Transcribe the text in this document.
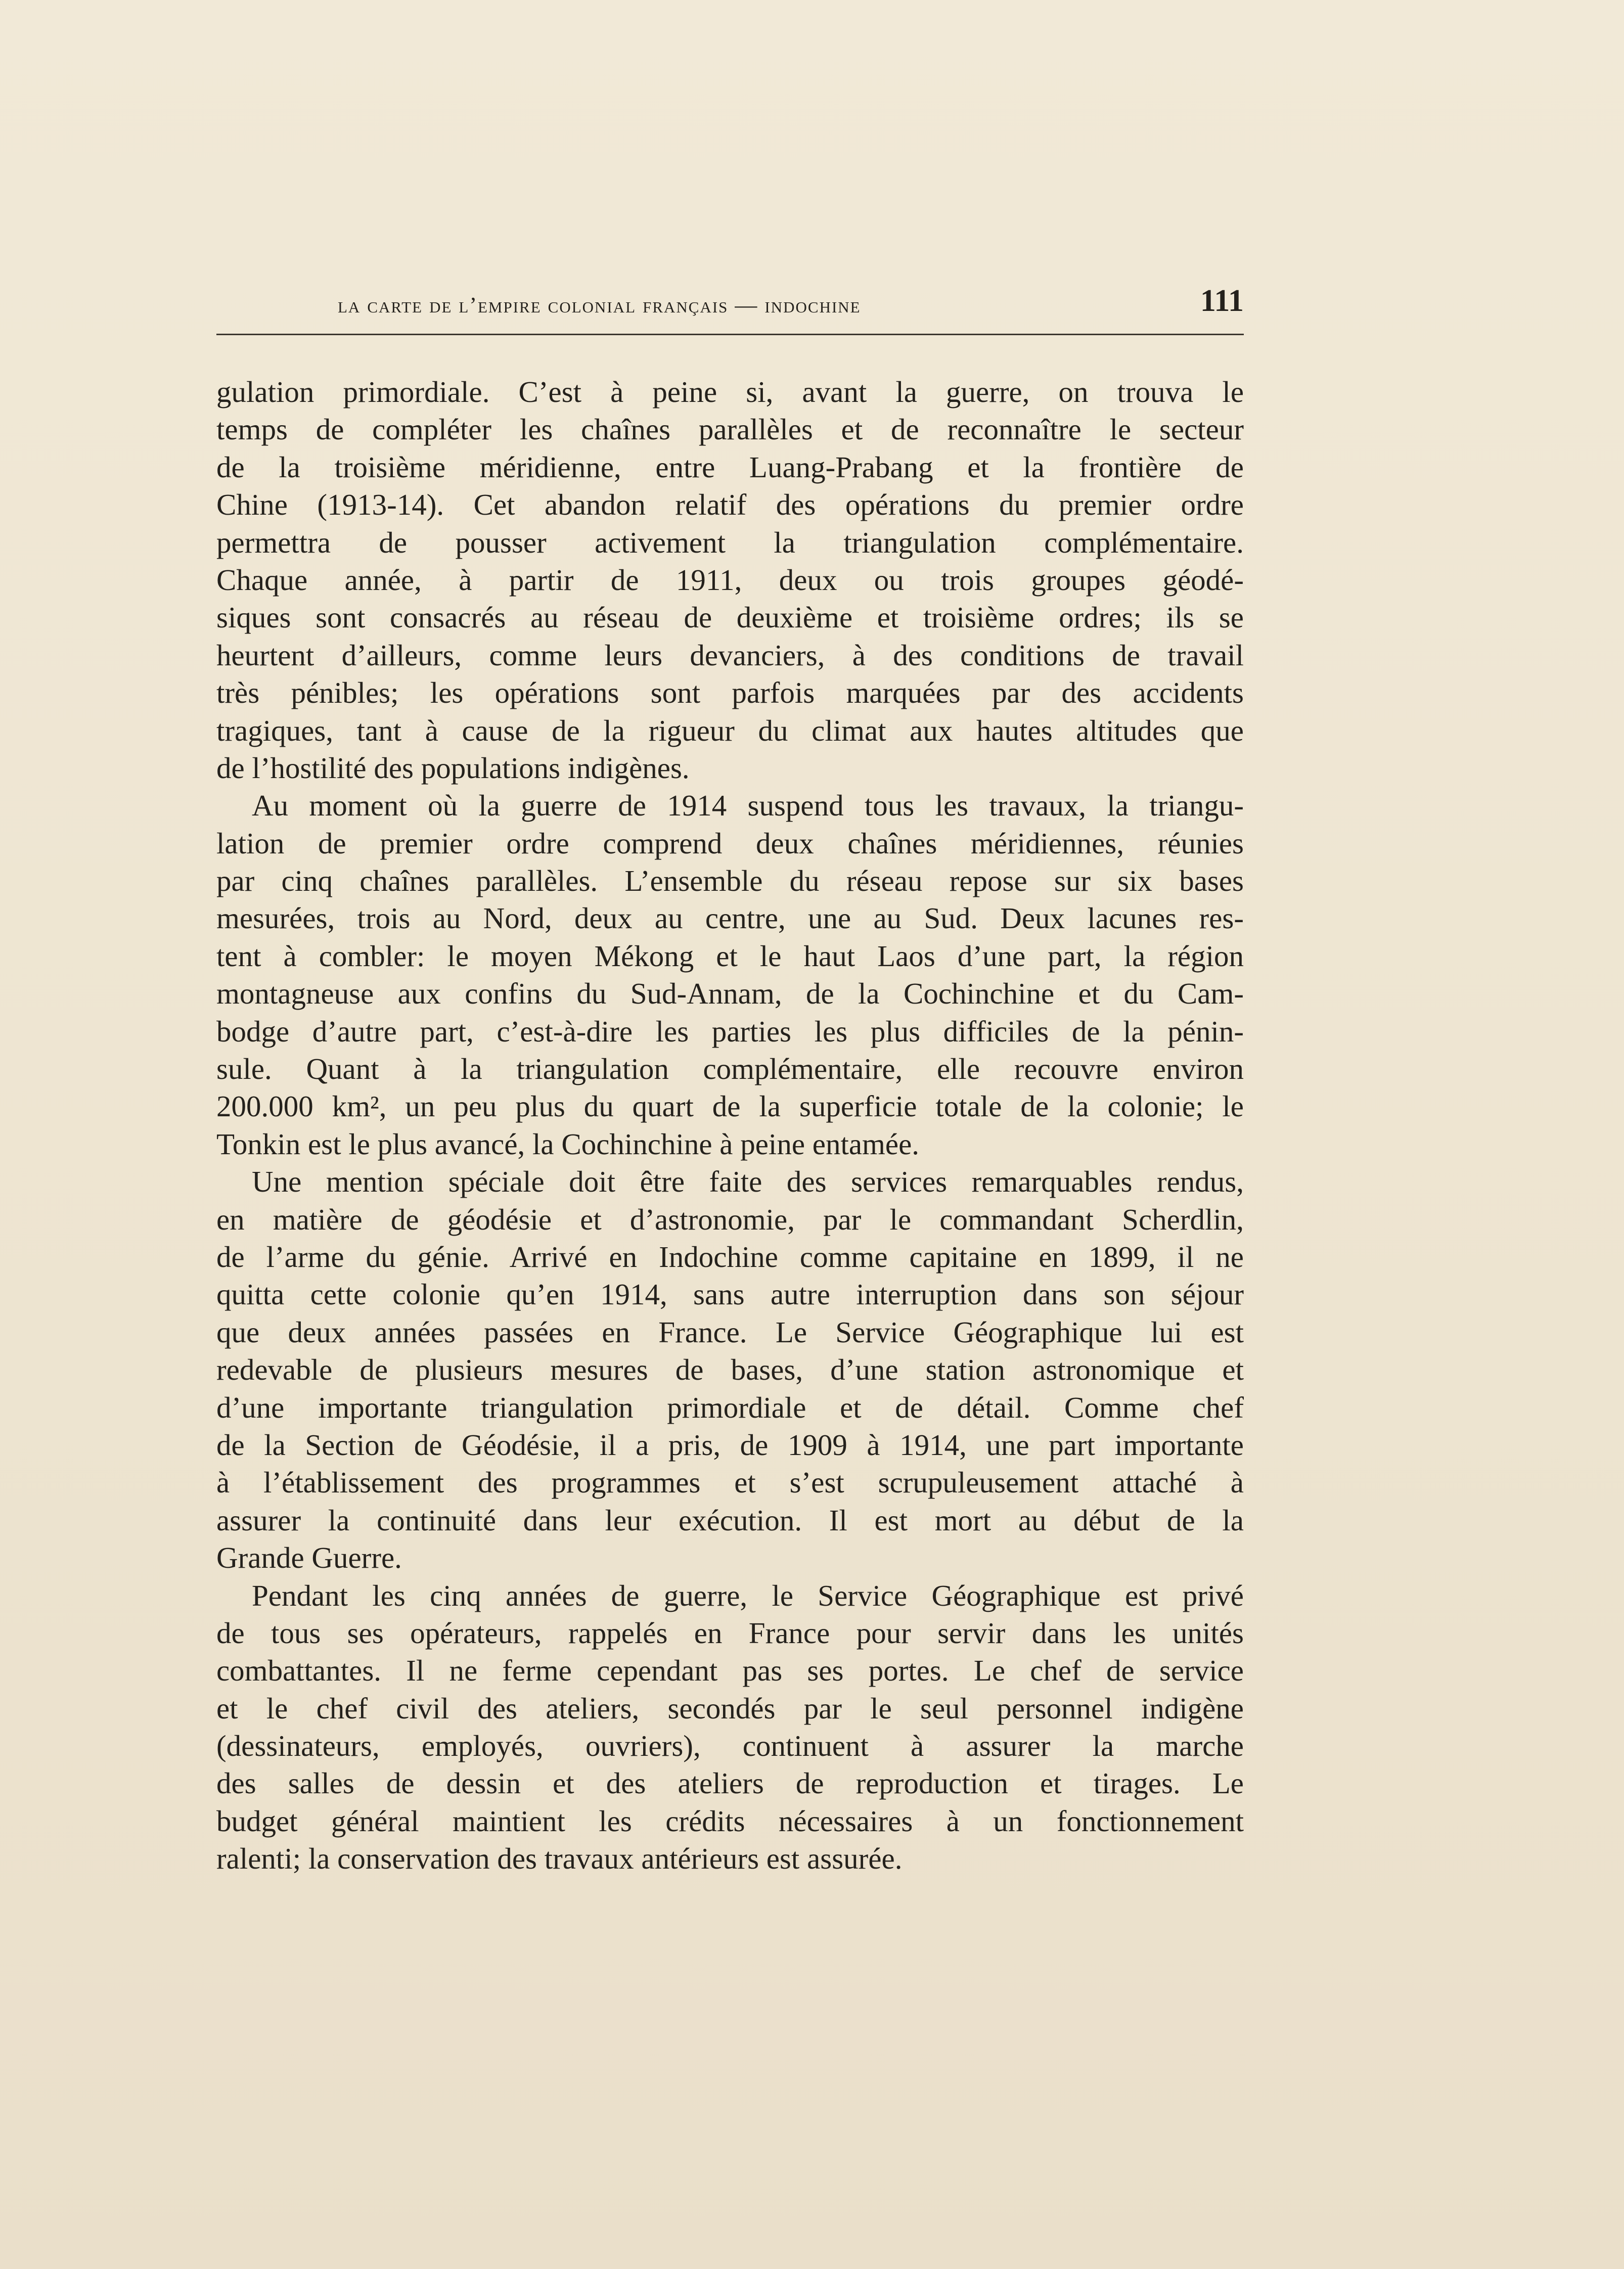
la carte de l’empire colonial français — indochine	111
gulation primordiale. C’est à peine si, avant la guerre, on trouva le
temps de compléter les chaînes parallèles et de reconnaître le secteur
de la troisième méridienne, entre Luang-Prabang et la frontière de
Chine (1913-14). Cet abandon relatif des opérations du premier ordre
permettra de pousser activement la triangulation complémentaire.
Chaque année, à partir de 1911, deux ou trois groupes géodé-
siques sont consacrés au réseau de deuxième et troisième ordres; ils se
heurtent d’ailleurs, comme leurs devanciers, à des conditions de travail
très pénibles; les opérations sont parfois marquées par des accidents
tragiques, tant à cause de la rigueur du climat aux hautes altitudes que
de l’hostilité des populations indigènes.
Au moment où la guerre de 1914 suspend tous les travaux, la triangu-
lation de premier ordre comprend deux chaînes méridiennes, réunies
par cinq chaînes parallèles. L’ensemble du réseau repose sur six bases
mesurées, trois au Nord, deux au centre, une au Sud. Deux lacunes res-
tent à combler: le moyen Mékong et le haut Laos d’une part, la région
montagneuse aux confins du Sud-Annam, de la Cochinchine et du Cam-
bodge d’autre part, c’est-à-dire les parties les plus difficiles de la pénin-
sule. Quant à la triangulation complémentaire, elle recouvre environ
200.000 km², un peu plus du quart de la superficie totale de la colonie; le
Tonkin est le plus avancé, la Cochinchine à peine entamée.
Une mention spéciale doit être faite des services remarquables rendus,
en matière de géodésie et d’astronomie, par le commandant Scherdlin,
de l’arme du génie. Arrivé en Indochine comme capitaine en 1899, il ne
quitta cette colonie qu’en 1914, sans autre interruption dans son séjour
que deux années passées en France. Le Service Géographique lui est
redevable de plusieurs mesures de bases, d’une station astronomique et
d’une importante triangulation primordiale et de détail. Comme chef
de la Section de Géodésie, il a pris, de 1909 à 1914, une part importante
à l’établissement des programmes et s’est scrupuleusement attaché à
assurer la continuité dans leur exécution. Il est mort au début de la
Grande Guerre.
Pendant les cinq années de guerre, le Service Géographique est privé
de tous ses opérateurs, rappelés en France pour servir dans les unités
combattantes. Il ne ferme cependant pas ses portes. Le chef de service
et le chef civil des ateliers, secondés par le seul personnel indigène
(dessinateurs, employés, ouvriers), continuent à assurer la marche
des salles de dessin et des ateliers de reproduction et tirages. Le
budget général maintient les crédits nécessaires à un fonctionnement
ralenti; la conservation des travaux antérieurs est assurée.
